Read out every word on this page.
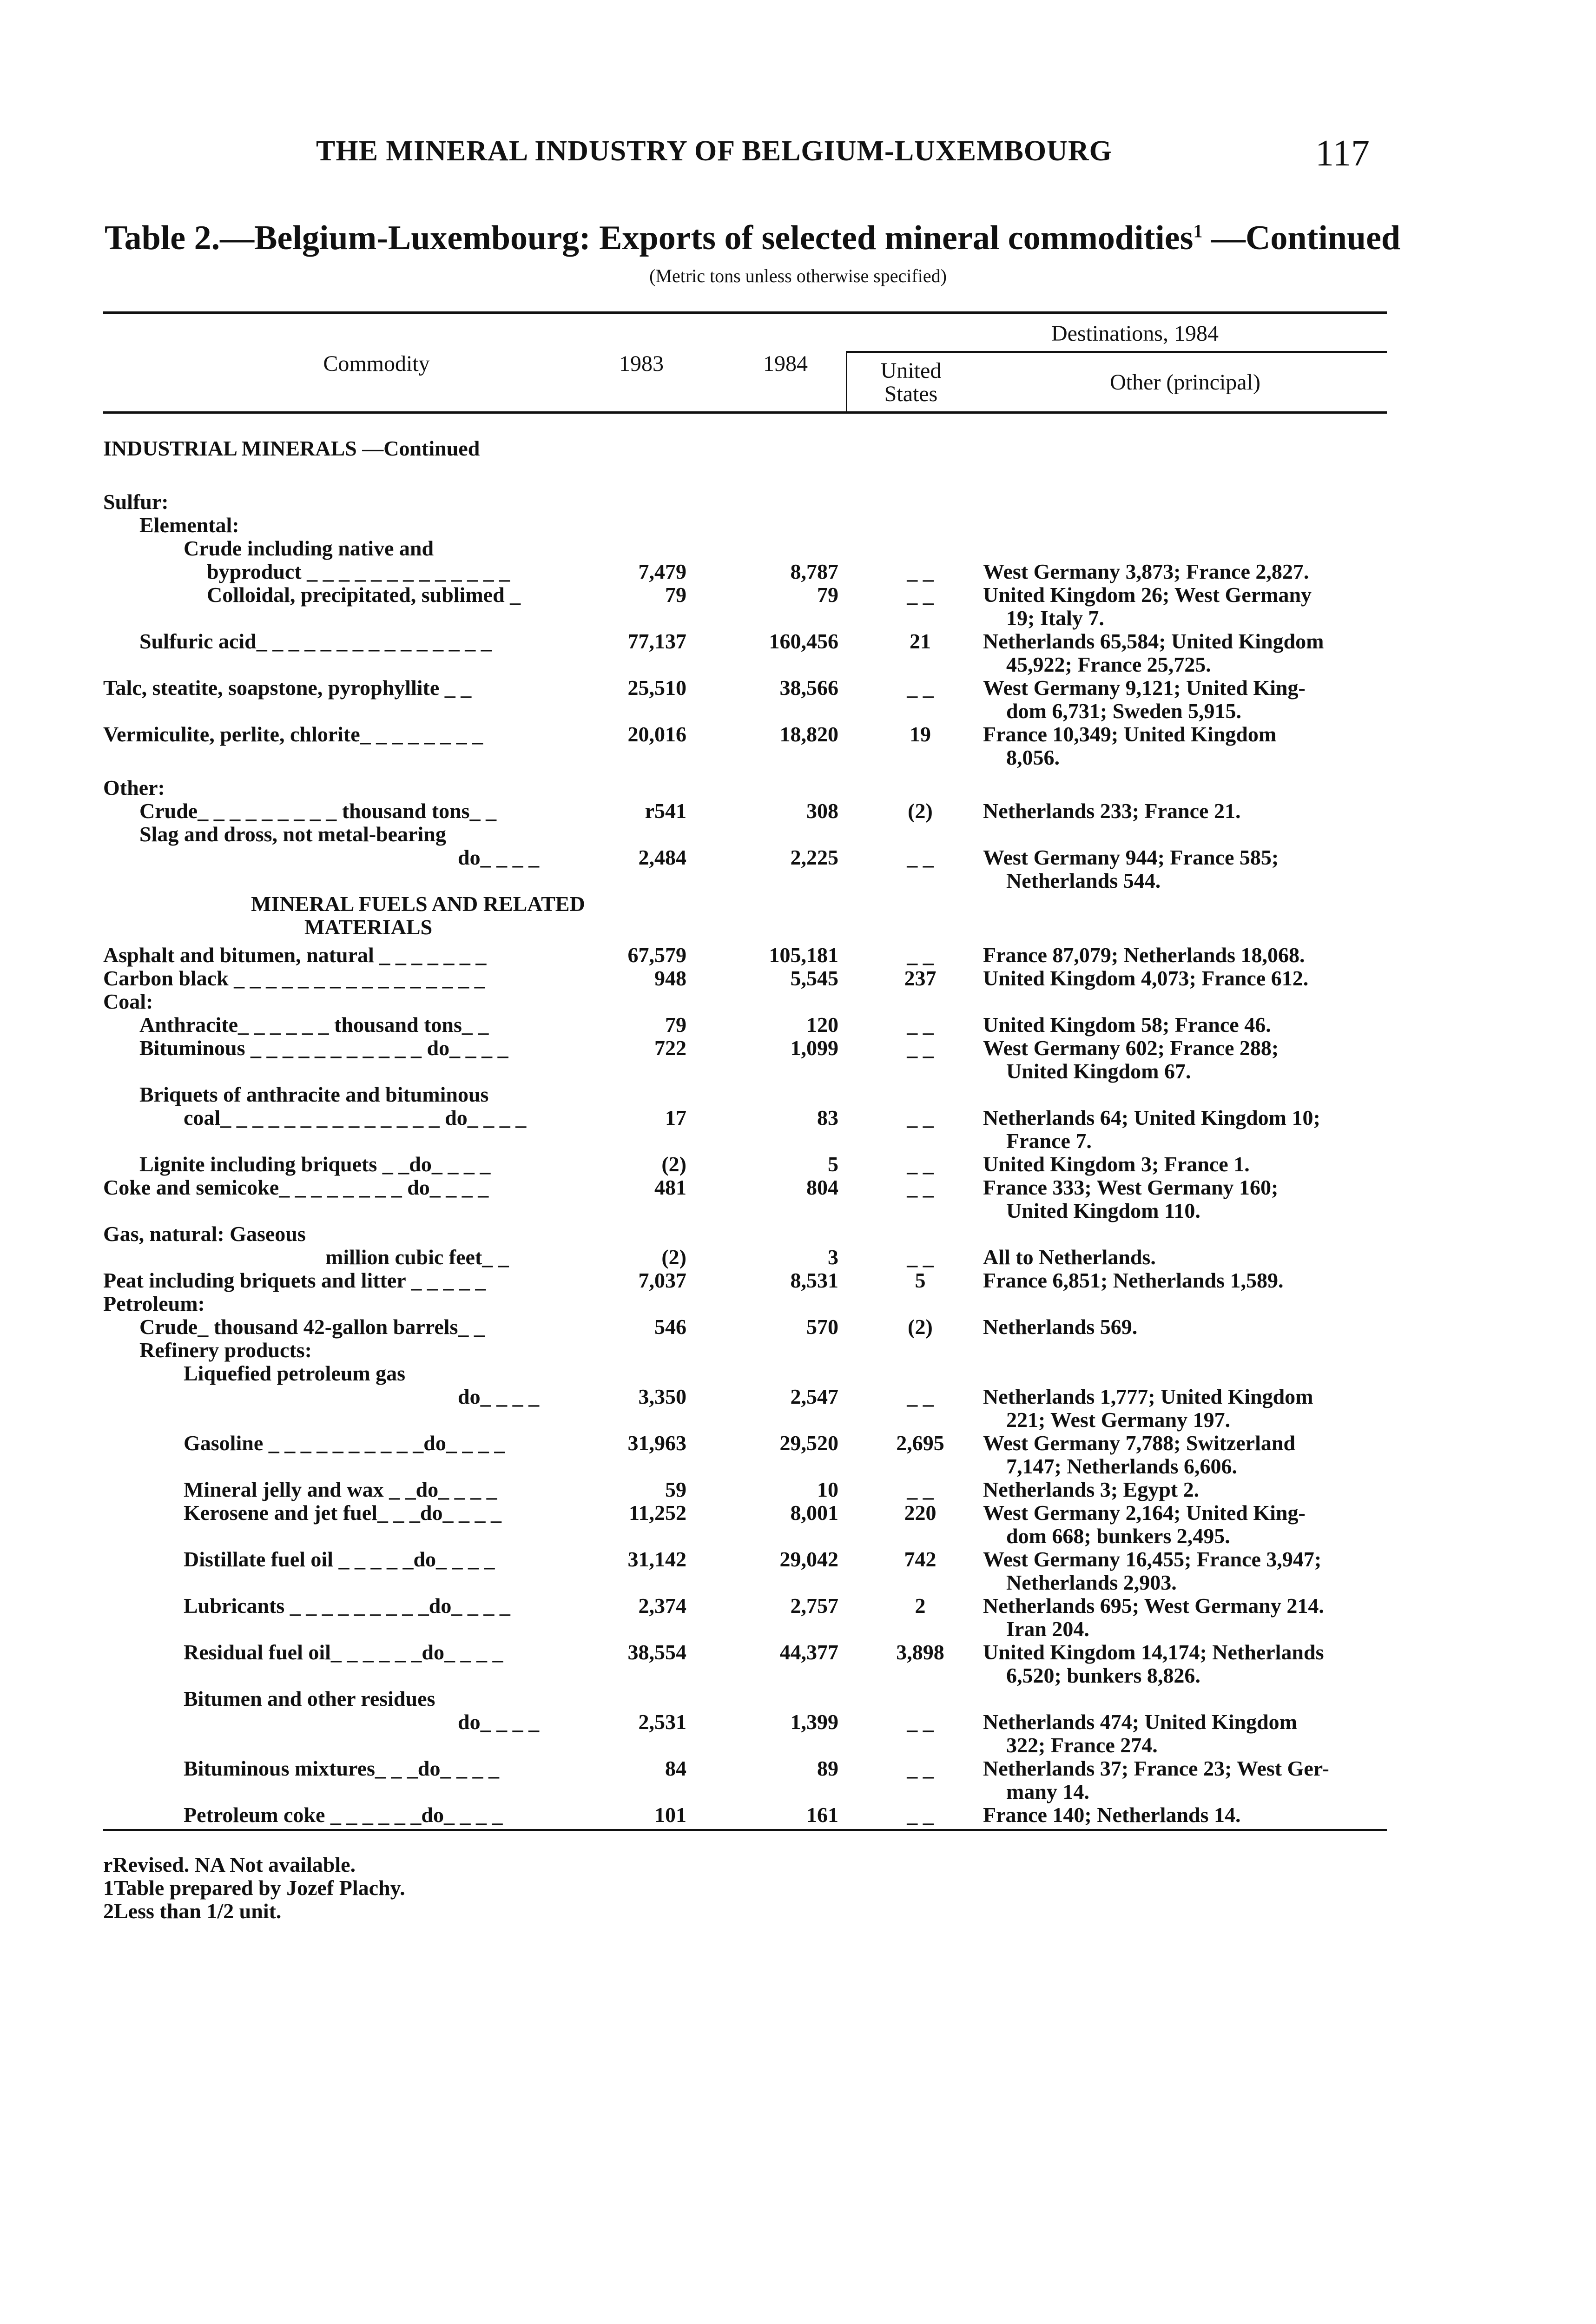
THE MINERAL INDUSTRY OF BELGIUM-LUXEMBOURG	117
Table 2.—Belgium-Luxembourg: Exports of selected mineral commodities$^1$ —Continued
(Metric tons unless otherwise specified)
Commodity	1983	1984
Destinations, 1984
United
States	Other (principal)
INDUSTRIAL MINERALS —Continued
Sulfur:
Elemental:
Crude including native and
byproduct _ _ _ _ _ _ _ _ _ _ _ _ _	7,479	8,787	_ _	West Germany 3,873; France 2,827.
Colloidal, precipitated, sublimed _	79	79	_ _	United Kingdom 26; West Germany
19; Italy 7.
Sulfuric acid_ _ _ _ _ _ _ _ _ _ _ _ _ _ _	77,137	160,456	21	Netherlands 65,584; United Kingdom
45,922; France 25,725.
Talc, steatite, soapstone, pyrophyllite _ _	25,510	38,566	_ _	West Germany 9,121; United King-
dom 6,731; Sweden 5,915.
Vermiculite, perlite, chlorite_ _ _ _ _ _ _ _	20,016	18,820	19	France 10,349; United Kingdom
8,056.
Other:
Crude_ _ _ _ _ _ _ _ _ thousand tons_ _	r541	308	(2)	Netherlands 233; France 21.
Slag and dross, not metal-bearing
do_ _ _ _	2,484	2,225	_ _	West Germany 944; France 585;
Netherlands 544.
MINERAL FUELS AND RELATED
MATERIALS
Asphalt and bitumen, natural _ _ _ _ _ _ _	67,579	105,181	_ _	France 87,079; Netherlands 18,068.
Carbon black _ _ _ _ _ _ _ _ _ _ _ _ _ _ _ _	948	5,545	237	United Kingdom 4,073; France 612.
Coal:
Anthracite_ _ _ _ _ _ thousand tons_ _	79	120	_ _	United Kingdom 58; France 46.
Bituminous _ _ _ _ _ _ _ _ _ _ _ do_ _ _ _	722	1,099	_ _	West Germany 602; France 288;
United Kingdom 67.
Briquets of anthracite and bituminous
coal_ _ _ _ _ _ _ _ _ _ _ _ _ _ do_ _ _ _	17	83	_ _	Netherlands 64; United Kingdom 10;
France 7.
Lignite including briquets _ _do_ _ _ _	(2)	5	_ _	United Kingdom 3; France 1.
Coke and semicoke_ _ _ _ _ _ _ _ do_ _ _ _	481	804	_ _	France 333; West Germany 160;
United Kingdom 110.
Gas, natural: Gaseous
million cubic feet_ _	(2)	3	_ _	All to Netherlands.
Peat including briquets and litter _ _ _ _ _	7,037	8,531	5	France 6,851; Netherlands 1,589.
Petroleum:
Crude_ thousand 42-gallon barrels_ _	546	570	(2)	Netherlands 569.
Refinery products:
Liquefied petroleum gas
do_ _ _ _	3,350	2,547	_ _	Netherlands 1,777; United Kingdom
221; West Germany 197.
Gasoline _ _ _ _ _ _ _ _ _ _do_ _ _ _	31,963	29,520	2,695	West Germany 7,788; Switzerland
7,147; Netherlands 6,606.
Mineral jelly and wax _ _do_ _ _ _	59	10	_ _	Netherlands 3; Egypt 2.
Kerosene and jet fuel_ _ _do_ _ _ _	11,252	8,001	220	West Germany 2,164; United King-
dom 668; bunkers 2,495.
Distillate fuel oil _ _ _ _ _do_ _ _ _	31,142	29,042	742	West Germany 16,455; France 3,947;
Netherlands 2,903.
Lubricants _ _ _ _ _ _ _ _ _do_ _ _ _	2,374	2,757	2	Netherlands 695; West Germany 214.
Iran 204.
Residual fuel oil_ _ _ _ _ _do_ _ _ _	38,554	44,377	3,898	United Kingdom 14,174; Netherlands
6,520; bunkers 8,826.
Bitumen and other residues
do_ _ _ _	2,531	1,399	_ _	Netherlands 474; United Kingdom
322; France 274.
Bituminous mixtures_ _ _do_ _ _ _	84	89	_ _	Netherlands 37; France 23; West Ger-
many 14.
Petroleum coke _ _ _ _ _ _do_ _ _ _	101	161	_ _	France 140; Netherlands 14.
rRevised. NA Not available.
1Table prepared by Jozef Plachy.
2Less than 1/2 unit.
